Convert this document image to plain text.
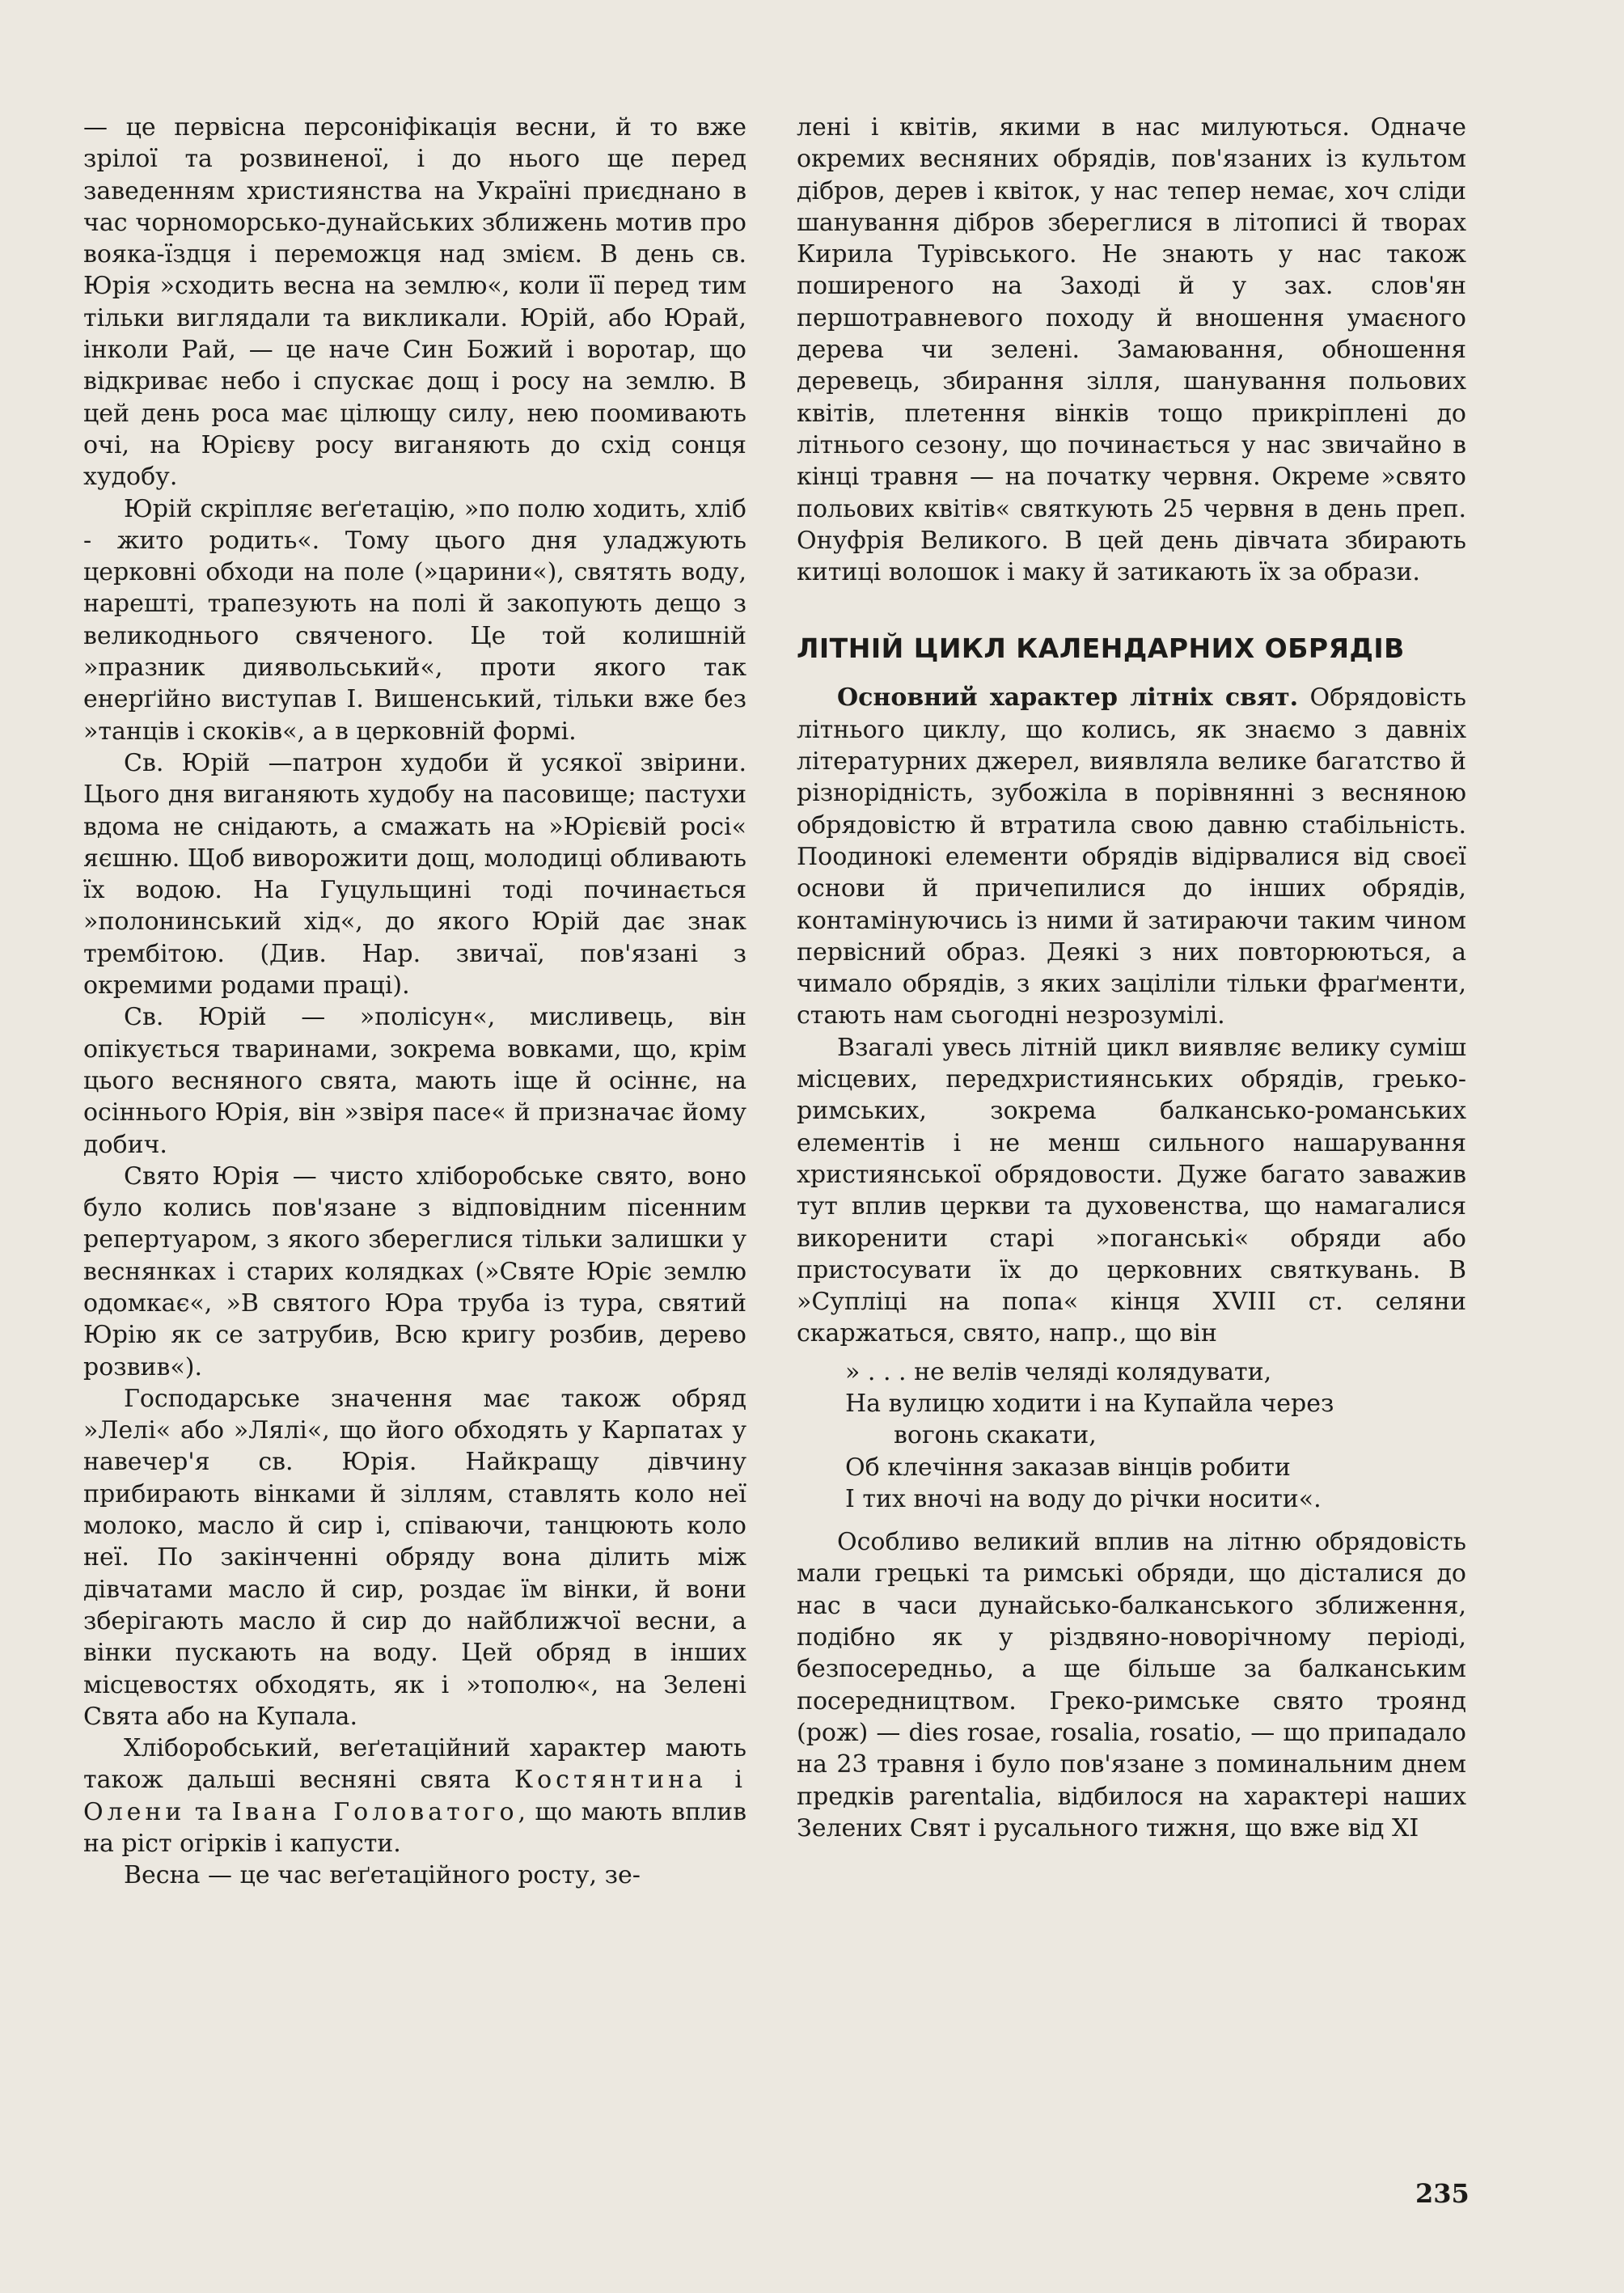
— це первісна персоніфікація весни, й то вже зрілої та розвиненої, і до нього ще перед заведенням християнства на Україні приєднано в час чорноморсько-дунайських зближень мотив про вояка-їздця і переможця над змієм. В день св. Юрія »сходить весна на землю«, коли її перед тим тільки виглядали та викликали. Юрій, або Юрай, інколи Рай, — це наче Син Божий і воротар, що відкриває небо і спускає дощ і росу на землю. В цей день роса має цілющу силу, нею пoомивають очі, на Юрієву росу виганяють до схід сонця худобу.

Юрій скріпляє веґетацію, »по полю ходить, хліб - жито родить«. Тому цього дня уладжують церковні обходи на поле (»царини«), святять воду, нарешті, трапезують на полі й закопують дещо з великоднього свяченого. Це той колишній »празник диявольський«, проти якого так енерґійно виступав І. Вишенський, тільки вже без »танців і скоків«, а в церковній формі.

Св. Юрій —патрон худоби й усякої звірини. Цього дня виганяють худобу на пасовище; пастухи вдома не снідають, а смажать на »Юрієвій росі« яєшню. Щоб виворожити дощ, молодиці обливають їх водою. На Гуцульщині тоді починається »полонинський хід«, до якого Юрій дає знак трембітою. (Див. Нар. звичаї, пов'язані з окремими родами праці).

Св. Юрій — »полісун«, мисливець, він опікується тваринами, зокрема вовками, що, крім цього весняного свята, мають іще й осіннє, на осіннього Юрія, він »звіря пасе« й призначає йому добич.

Свято Юрія — чисто хліборобське свято, воно було колись пов'язане з відповідним пісенним репертуаром, з якого збереглися тільки залишки у веснянках і старих колядках (»Святе Юріє землю одомкає«, »В святого Юра труба із тура, святий Юрію як се затрубив, Всю кригу розбив, дерево розвив«).

Господарське значення має також обряд »Лелі« або »Лялі«, що його обходять у Карпатах у навечер'я св. Юрія. Найкращу дівчину прибирають вінками й зіллям, ставлять коло неї молоко, масло й сир і, співаючи, танцюють коло неї. По закінченні обряду вона ділить між дівчатами масло й сир, роздає їм вінки, й вони зберігають масло й сир до найближчої весни, а вінки пускають на воду. Цей обряд в інших місцевостях обходять, як і »тополю«, на Зелені Свята або на Купала.

Хліборобський, веґетаційний характер мають також дальші весняні свята Костянтина і Олени та Івана Голoватого, що мають вплив на ріст огірків і капусти.

Весна — це час веґетаційного росту, зе-

лені і квітів, якими в нас милуються. Одначе окремих весняних обрядів, пов'язаних із культом дібров, дерев і квіток, у нас тепер немає, хоч сліди шанування дібров збереглися в літописі й творах Кирила Турівського. Не знають у нас також поширеного на Заході й у зах. слов'ян першотравневого походу й вношення умаєного дерева чи зелені. Замаювання, обношення деревець, збирання зілля, шанування польових квітів, плетення вінків тощо прикріплені до літнього сезону, що починається у нас звичайно в кінці травня — на початку червня. Окреме »свято польових квітів« святкують 25 червня в день преп. Онуфрія Великого. В цей день дівчата збирають китиці волошок і маку й затикають їх за образи.

ЛІТНІЙ ЦИКЛ КАЛЕНДАРНИХ ОБРЯДІВ

Основний характер літніх свят. Обрядовість літнього циклу, що колись, як знаємо з давніх літературних джерел, виявляла велике багатство й різнорідність, зубожіла в порівнянні з весняною обрядовістю й втратила свою давню стабільність. Поодинокі елементи обрядів відірвалися від своєї основи й причепилися до інших обрядів, контамінуючись із ними й затираючи таким чином первісний образ. Деякі з них повторюються, а чимало обрядів, з яких заціліли тільки фраґменти, стають нам сьогодні незрозумілі.

Взагалі увесь літній цикл виявляє велику суміш місцевих, передхристиянських обрядів, греько-римських, зокрема балкансько-романських елементів і не менш сильного нашарування християнської обрядовости. Дуже багато заважив тут вплив церкви та духовенства, що намагалися викоренити старі »поганські« обряди або пристосувати їх до церковних святкувань. В »Супліці на попа« кінця XVIII ст. селяни скаржаться, свято, напр., що він

» . . . не велів челяді колядувати,
На вулицю ходити і на Купайла через
вогонь скакати,
Об клечіння заказав вінців робити
І тих вночі на воду до річки носити«.

Особливо великий вплив на літню обрядовість мали грецькі та римські обряди, що дісталися до нас в часи дунайсько-балканського зближення, подібно як у різдвяно-новорічному періоді, безпосередньо, а ще більше за балканським посередництвом. Греко-римське свято троянд (рож) — dies rosae, rosalia, rosatio, — що припадало на 23 травня і було пов'язане з поминальним днем предків parentalia, відбилося на характері наших Зелених Свят і русального тижня, що вже від XI

235
